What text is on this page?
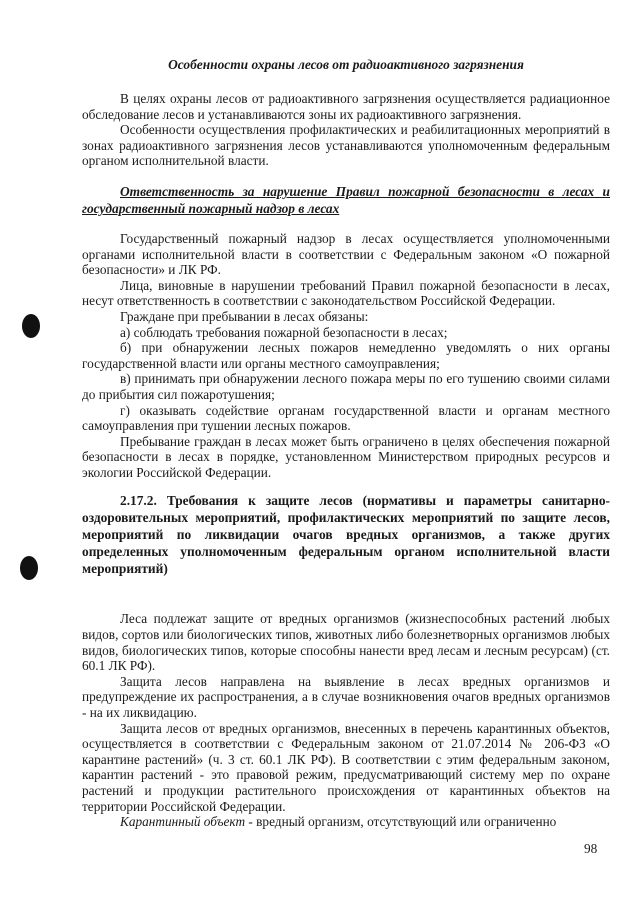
Особенности охраны лесов от радиоактивного загрязнения

В целях охраны лесов от радиоактивного загрязнения осуществляется радиационное обследование лесов и устанавливаются зоны их радиоактивного загрязнения.

Особенности осуществления профилактических и реабилитационных мероприятий в зонах радиоактивного загрязнения лесов устанавливаются уполномоченным федеральным органом исполнительной власти.

Ответственность за нарушение Правил пожарной безопасности в лесах и государственный пожарный надзор в лесах

Государственный пожарный надзор в лесах осуществляется уполномоченными органами исполнительной власти в соответствии с Федеральным законом «О пожарной безопасности» и ЛК РФ.

Лица, виновные в нарушении требований Правил пожарной безопасности в лесах, несут ответственность в соответствии с законодательством Российской Федерации.

Граждане при пребывании в лесах обязаны:

а) соблюдать требования пожарной безопасности в лесах;

б) при обнаружении лесных пожаров немедленно уведомлять о них органы государственной власти или органы местного самоуправления;

в) принимать при обнаружении лесного пожара меры по его тушению своими силами до прибытия сил пожаротушения;

г) оказывать содействие органам государственной власти и органам местного самоуправления при тушении лесных пожаров.

Пребывание граждан в лесах может быть ограничено в целях обеспечения пожарной безопасности в лесах в порядке, установленном Министерством природных ресурсов и экологии Российской Федерации.

2.17.2. Требования к защите лесов (нормативы и параметры санитарно-оздоровительных мероприятий, профилактических мероприятий по защите лесов, мероприятий по ликвидации очагов вредных организмов, а также других определенных уполномоченным федеральным органом исполнительной власти мероприятий)

Леса подлежат защите от вредных организмов (жизнеспособных растений любых видов, сортов или биологических типов, животных либо болезнетворных организмов любых видов, биологических типов, которые способны нанести вред лесам и лесным ресурсам) (ст. 60.1 ЛК РФ).

Защита лесов направлена на выявление в лесах вредных организмов и предупреждение их распространения, а в случае возникновения очагов вредных организмов - на их ликвидацию.

Защита лесов от вредных организмов, внесенных в перечень карантинных объектов, осуществляется в соответствии с Федеральным законом от 21.07.2014 № 206-ФЗ «О карантине растений» (ч. 3 ст. 60.1 ЛК РФ). В соответствии с этим федеральным законом, карантин растений - это правовой режим, предусматривающий систему мер по охране растений и продукции растительного происхождения от карантинных объектов на территории Российской Федерации.

Карантинный объект - вредный организм, отсутствующий или ограниченно

98
